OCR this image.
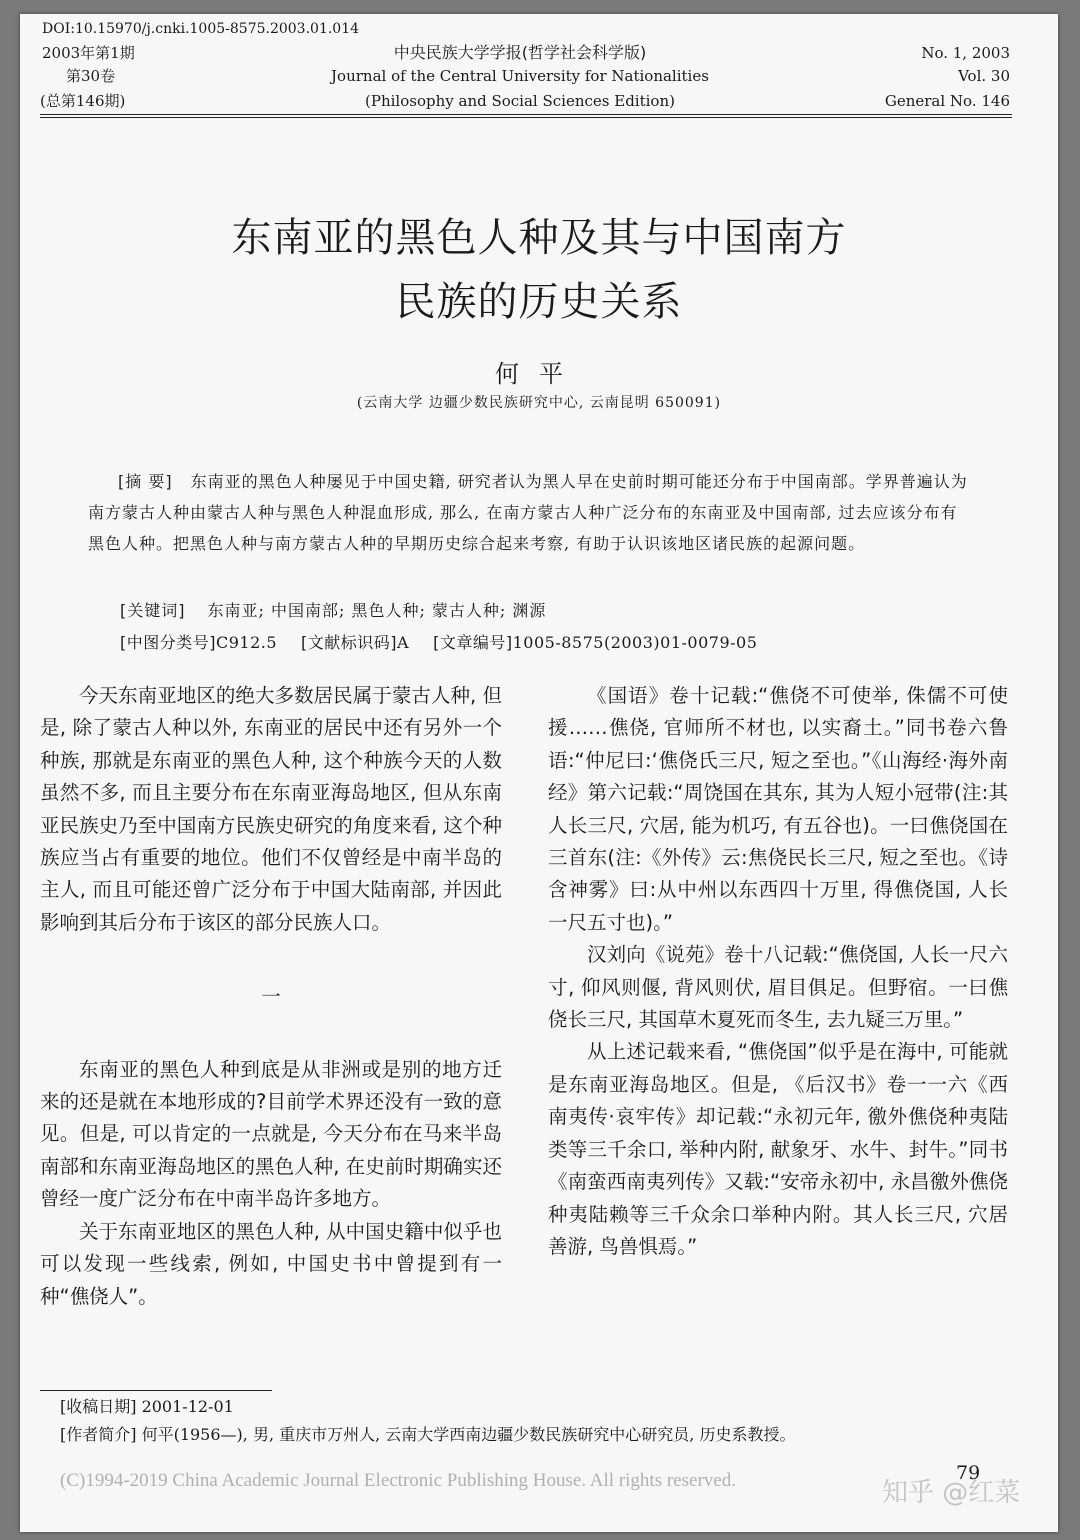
DOI:10.15970/j.cnki.1005-8575.2003.01.014
2003年第1期
第30卷
(总第146期)
中央民族大学学报(哲学社会科学版)
Journal of the Central University for Nationalities
(Philosophy and Social Sciences Edition)
No. 1, 2003
Vol. 30
General No. 146
东南亚的黑色人种及其与中国南方
民族的历史关系
何平
(云南大学 边疆少数民族研究中心, 云南昆明 650091)
[摘 要] 东南亚的黑色人种屡见于中国史籍, 研究者认为黑人早在史前时期可能还分布于中国南部。学界普遍认为南方蒙古人种由蒙古人种与黑色人种混血形成, 那么, 在南方蒙古人种广泛分布的东南亚及中国南部, 过去应该分布有黑色人种。把黑色人种与南方蒙古人种的早期历史综合起来考察, 有助于认识该地区诸民族的起源问题。
[关键词] 东南亚; 中国南部; 黑色人种; 蒙古人种; 渊源
[中图分类号]C912.5 [文献标识码]A [文章编号]1005-8575(2003)01-0079-05

今天东南亚地区的绝大多数居民属于蒙古人种, 但是, 除了蒙古人种以外, 东南亚的居民中还有另外一个种族, 那就是东南亚的黑色人种, 这个种族今天的人数虽然不多, 而且主要分布在东南亚海岛地区, 但从东南亚民族史乃至中国南方民族史研究的角度来看, 这个种族应当占有重要的地位。他们不仅曾经是中南半岛的主人, 而且可能还曾广泛分布于中国大陆南部, 并因此影响到其后分布于该区的部分民族人口。

一

东南亚的黑色人种到底是从非洲或是别的地方迁来的还是就在本地形成的?目前学术界还没有一致的意见。但是, 可以肯定的一点就是, 今天分布在马来半岛南部和东南亚海岛地区的黑色人种, 在史前时期确实还曾经一度广泛分布在中南半岛许多地方。

关于东南亚地区的黑色人种, 从中国史籍中似乎也可以发现一些线索, 例如, 中国史书中曾提到有一种“僬侥人”。

《国语》卷十记载:“僬侥不可使举, 侏儒不可使援……僬侥, 官师所不材也, 以实裔土。”同书卷六鲁语:“仲尼曰:‘僬侥氏三尺, 短之至也。”《山海经·海外南经》第六记载:“周饶国在其东, 其为人短小冠带(注:其人长三尺, 穴居, 能为机巧, 有五谷也)。一曰僬侥国在三首东(注:《外传》云:焦侥民长三尺, 短之至也。《诗含神雾》曰:从中州以东西四十万里, 得僬侥国, 人长一尺五寸也)。”

汉刘向《说苑》卷十八记载:“僬侥国, 人长一尺六寸, 仰风则偃, 背风则伏, 眉目俱足。但野宿。一曰僬侥长三尺, 其国草木夏死而冬生, 去九疑三万里。”

从上述记载来看, “僬侥国”似乎是在海中, 可能就是东南亚海岛地区。但是, 《后汉书》卷一一六《西南夷传·哀牢传》却记载:“永初元年, 徼外僬侥种夷陆类等三千余口, 举种内附, 献象牙、水牛、封牛。”同书《南蛮西南夷列传》又载:“安帝永初中, 永昌徼外僬侥种夷陆赖等三千众余口举种内附。其人长三尺, 穴居善游, 鸟兽惧焉。”

[收稿日期] 2001-12-01
[作者简介] 何平(1956—), 男, 重庆市万州人, 云南大学西南边疆少数民族研究中心研究员, 历史系教授。
(C)1994-2019 China Academic Journal Electronic Publishing House. All rights reserved.	79
知乎 @红菜
